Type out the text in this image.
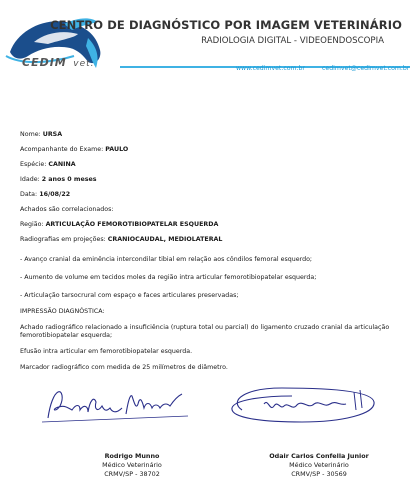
CEDIM vet.
CENTRO DE DIAGNÓSTICO POR IMAGEM VETERINÁRIO
RADIOLOGIA DIGITAL - VIDEOENDOSCOPIA
www.cedimvet.com.br	cedimvet@cedimvet.com.br
Nome: URSA
Acompanhante do Exame: PAULO
Espécie: CANINA
Idade: 2 anos 0 meses
Data: 16/08/22
Achados são correlacionados:
Região: ARTICULAÇÃO FEMOROTIBIOPATELAR ESQUERDA
Radiografias em projeções: CRANIOCAUDAL, MEDIOLATERAL
- Avanço cranial da eminência intercondilar tibial em relação aos côndilos femoral esquerdo;
- Aumento de volume em tecidos moles da região intra articular femorotibiopatelar esquerda;
- Articulação tarsocrural com espaço e faces articulares preservadas;
IMPRESSÃO DIAGNÓSTICA:
Achado radiográfico relacionado a insuficiência (ruptura total ou parcial) do ligamento cruzado cranial da articulação femorotibiopatelar esquerda;
Efusão intra articular em femorotibiopatelar esquerda.
Marcador radiográfico com medida de 25 milímetros de diâmetro.
Rodrigo Munno
Médico Veterinário
CRMV/SP - 38702
Odair Carlos Confella Junior
Médico Veterinário
CRMV/SP - 30569
